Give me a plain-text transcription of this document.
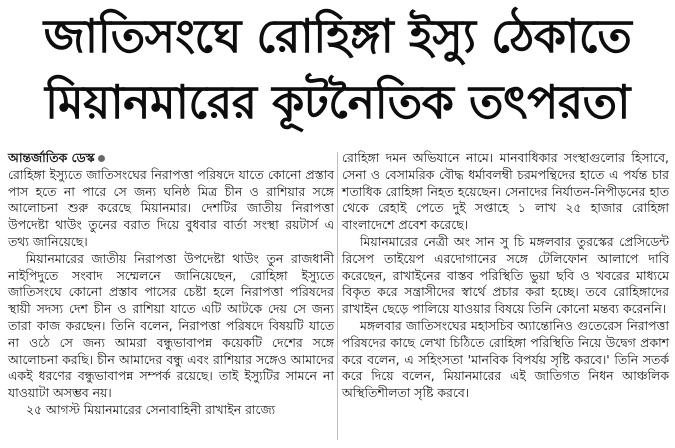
জাতিসংঘে রোহিঙ্গা ইস্যু ঠেকাতে
মিয়ানমারের কূটনৈতিক তৎপরতা

আন্তর্জাতিক ডেস্ক
রোহিঙ্গা ইস্যুতে জাতিসংঘের নিরাপত্তা পরিষদে যাতে কোনো প্রস্তাব পাস হতে না পারে সে জন্য ঘনিষ্ঠ মিত্র চীন ও রাশিয়ার সঙ্গে আলোচনা শুরু করেছে মিয়ানমার। দেশটির জাতীয় নিরাপত্তা উপদেষ্টা থাউং তুনের বরাত দিয়ে বুধবার বার্তা সংস্থা রয়টার্স এ তথ্য জানিয়েছে।

মিয়ানমারের জাতীয় নিরাপত্তা উপদেষ্টা থাউং তুন রাজধানী নাইপিদুতে সংবাদ সম্মেলনে জানিয়েছেন, রোহিঙ্গা ইস্যুতে জাতিসংঘে কোনো প্রস্তাব পাসের চেষ্টা হলে নিরাপত্তা পরিষদের স্থায়ী সদস্য দেশ চীন ও রাশিয়া যাতে এটি আটকে দেয় সে জন্য তারা কাজ করছেন। তিনি বলেন, নিরাপত্তা পরিষদে বিষয়টি যাতে না ওঠে সে জন্য আমরা বন্ধুভাবাপন্ন কয়েকটি দেশের সঙ্গে আলোচনা করছি। চীন আমাদের বন্ধু এবং রাশিয়ার সঙ্গেও আমাদের একই ধরণের বন্ধুভাবাপন্ন সম্পর্ক রয়েছে। তাই ইস্যুটির সামনে না যাওয়াটা অসম্ভব নয়।

২৫ আগস্ট মিয়ানমারের সেনাবাহিনী রাখাইন রাজ্যে

রোহিঙ্গা দমন অভিযানে নামে। মানবাধিকার সংস্থাগুলোর হিসাবে, সেনা ও বেসামরিক বৌদ্ধ ধর্মাবলম্বী চরমপন্থিদের হাতে এ পর্যন্ত চার শতাধিক রোহিঙ্গা নিহত হয়েছেন। সেনাদের নির্যাতন-নিপীড়নের হাত থেকে রেহাই পেতে দুই সপ্তাহে ১ লাখ ২৫ হাজার রোহিঙ্গা বাংলাদেশে প্রবেশ করেছে।

মিয়ানমারের নেত্রী অং সান সু চি মঙ্গলবার তুরস্কের প্রেসিডেন্ট রিসেপ তাইয়েপ এরদোগানের সঙ্গে টেলিফোন আলাপে দাবি করেছেন, রাখাইনের বাস্তব পরিস্থিতি ভুয়া ছবি ও খবরের মাধ্যমে বিকৃত করে সন্ত্রাসীদের স্বার্থে প্রচার করা হচ্ছে। তবে রোহিঙ্গাদের রাখাইন ছেড়ে পালিয়ে যাওয়ার বিষয়ে তিনি কোনো মন্তব্য করেননি।

মঙ্গলবার জাতিসংঘের মহাসচিব অ্যান্তোনিও গুতেরেস নিরাপত্তা পরিষদের কাছে লেখা চিঠিতে রোহিঙ্গা পরিস্থিতি নিয়ে উদ্বেগ প্রকাশ করে বলেন, এ সহিংসতা 'মানবিক বিপর্যয় সৃষ্টি করবে।' তিনি সতর্ক করে দিয়ে বলেন, মিয়ানমারের এই জাতিগত নিধন আঞ্চলিক অস্থিতিশীলতা সৃষ্টি করবে।
